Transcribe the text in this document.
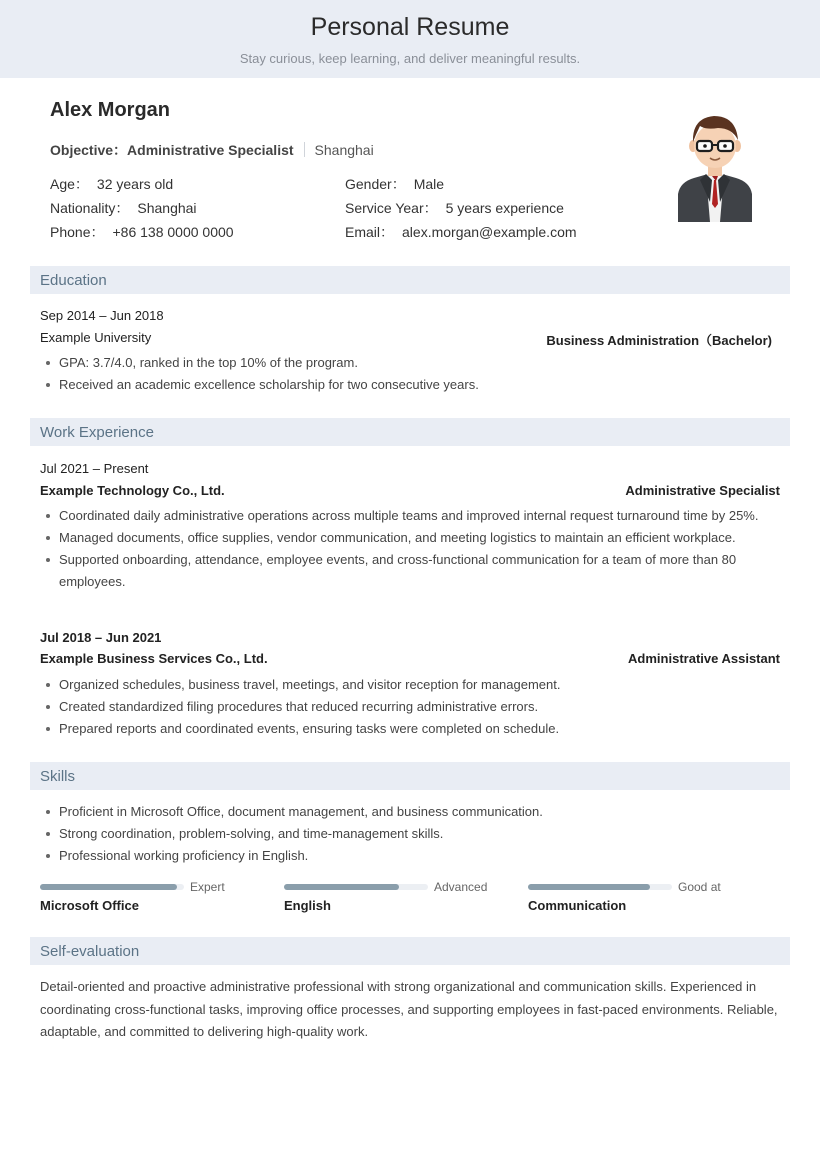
Personal Resume
Stay curious, keep learning, and deliver meaningful results.
Alex Morgan
Objective：Administrative Specialist Shanghai
Age： 32 years old	Gender： Male
Nationality： Shanghai	Service Year： 5 years experience
Phone： +86 138 0000 0000	Email： alex.morgan@example.com
Education
Sep 2014 – Jun 2018
Example University	Business Administration（Bachelor)
GPA: 3.7/4.0, ranked in the top 10% of the program.
Received an academic excellence scholarship for two consecutive years.
Work Experience
Jul 2021 – Present
Example Technology Co., Ltd.	Administrative Specialist
Coordinated daily administrative operations across multiple teams and improved internal request turnaround time by 25%.
Managed documents, office supplies, vendor communication, and meeting logistics to maintain an efficient workplace.
Supported onboarding, attendance, employee events, and cross-functional communication for a team of more than 80 employees.
Jul 2018 – Jun 2021
Example Business Services Co., Ltd.	Administrative Assistant
Organized schedules, business travel, meetings, and visitor reception for management.
Created standardized filing procedures that reduced recurring administrative errors.
Prepared reports and coordinated events, ensuring tasks were completed on schedule.
Skills
Proficient in Microsoft Office, document management, and business communication.
Strong coordination, problem-solving, and time-management skills.
Professional working proficiency in English.
Expert
Microsoft Office
Advanced
English
Good at
Communication
Self-evaluation

Detail-oriented and proactive administrative professional with strong organizational and communication skills. Experienced in coordinating cross-functional tasks, improving office processes, and supporting employees in fast-paced environments. Reliable, adaptable, and committed to delivering high-quality work.
